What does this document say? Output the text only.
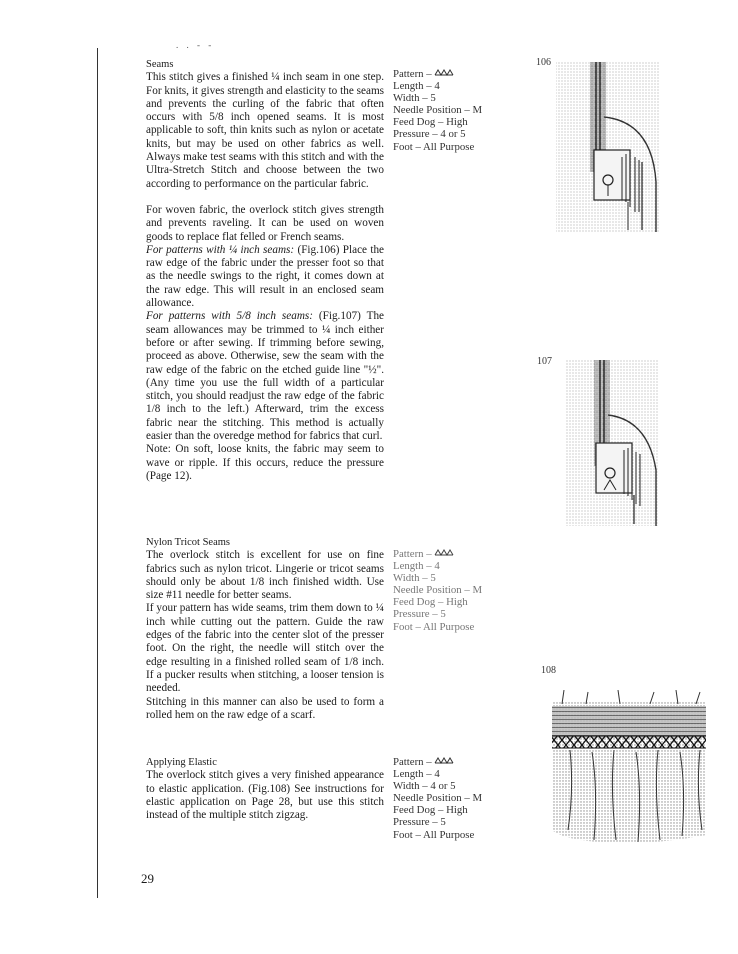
. . - -

Seams

This stitch gives a finished ¼ inch seam in one step. For knits, it gives strength and elasticity to the seams and prevents the curling of the fabric that often occurs with 5/8 inch opened seams. It is most applicable to soft, thin knits such as nylon or acetate knits, but may be used on other fabrics as well. Always make test seams with this stitch and with the Ultra-Stretch Stitch and choose between the two according to performance on the particular fabric.

For woven fabric, the overlock stitch gives strength and prevents raveling. It can be used on woven goods to replace flat felled or French seams.

For patterns with ¼ inch seams: (Fig.106) Place the raw edge of the fabric under the presser foot so that as the needle swings to the right, it comes down at the raw edge. This will result in an enclosed seam allowance.

For patterns with 5/8 inch seams: (Fig.107) The seam allowances may be trimmed to ¼ inch either before or after sewing. If trimming before sewing, proceed as above. Otherwise, sew the seam with the raw edge of the fabric on the etched guide line "½". (Any time you use the full width of a particular stitch, you should readjust the raw edge of the fabric 1/8 inch to the left.) Afterward, trim the excess fabric near the stitching. This method is actually easier than the overedge method for fabrics that curl.

Note: On soft, loose knits, the fabric may seem to wave or ripple. If this occurs, reduce the pressure (Page 12).

Nylon Tricot Seams

The overlock stitch is excellent for use on fine fabrics such as nylon tricot. Lingerie or tricot seams should only be about 1/8 inch finished width. Use size #11 needle for better seams.

If your pattern has wide seams, trim them down to ¼ inch while cutting out the pattern. Guide the raw edges of the fabric into the center slot of the presser foot. On the right, the needle will stitch over the edge resulting in a finished rolled seam of 1/8 inch. If a pucker results when stitching, a looser tension is needed.

Stitching in this manner can also be used to form a rolled hem on the raw edge of a scarf.

Applying Elastic

The overlock stitch gives a very finished appearance to elastic application. (Fig.108) See instructions for elastic application on Page 28, but use this stitch instead of the multiple stitch zigzag.

Pattern –
Length – 4
Width – 5
Needle Position – M
Feed Dog – High
Pressure – 4 or 5
Foot – All Purpose
Pattern –
Length – 4
Width – 5
Needle Position – M
Feed Dog – High
Pressure – 5
Foot – All Purpose
Pattern –
Length – 4
Width – 4 or 5
Needle Position – M
Feed Dog – High
Pressure – 5
Foot – All Purpose
106
107
108
29
